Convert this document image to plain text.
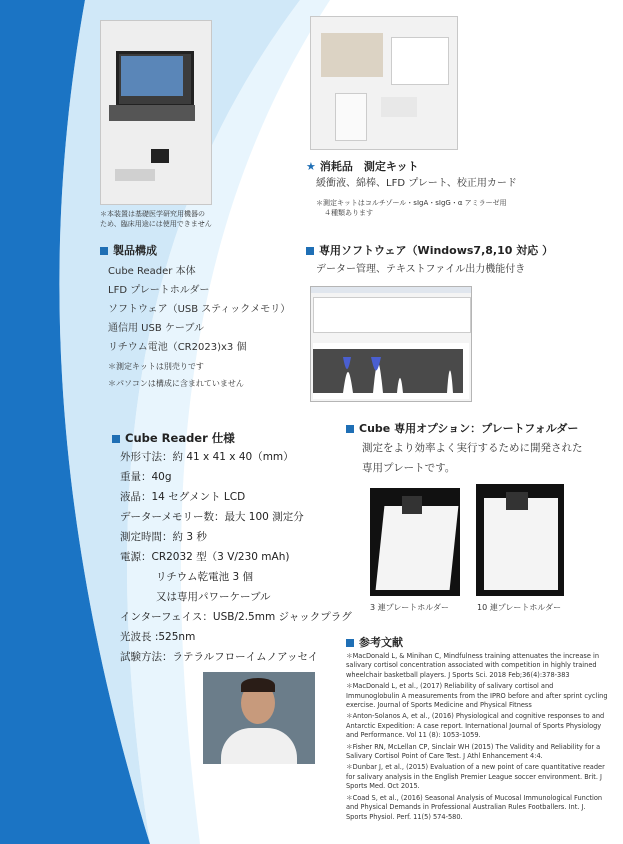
＊本装置は基礎医学研究用機器の
ため、臨床用途には使用できません
★ 消耗品　測定キット
緩衝液、綿棒、LFD プレート、校正用カード
＊測定キットはコルチゾール・sIgA・sIgG・α アミラーゼ用
４種類あります
製品構成
Cube Reader 本体
LFD プレートホルダー
ソフトウェア（USB スティックメモリ）
通信用 USB ケーブル
リチウム電池（CR2023)x3 個
＊測定キットは別売りです
＊パソコンは構成に含まれていません
専用ソフトウェア（Windows7,8,10 対応 ）
データー管理、テキストファイル出力機能付き
Cube Reader 仕様
外形寸法：約 41 x 41 x 40（mm）
重量：40g
液晶：14 セグメント LCD
データーメモリー数：最大 100 測定分
測定時間：約 3 秒
電源：CR2032 型（3 V/230 mAh)
リチウム乾電池 3 個
又は専用パワーケーブル
インターフェイス：USB/2.5mm ジャックプラグ
光波長 :525nm
試験方法：ラテラルフローイムノアッセイ
Cube 専用オプション：プレートフォルダー
測定をより効率よく実行するために開発された
専用プレートです。
3 連プレートホルダー	10 連プレートホルダー
参考文献
＊MacDonald L, & Minihan C, Mindfulness training attenuates the increase in salivary cortisol concentration associated with competition in highly trained wheelchair basketball players. J Sports Sci. 2018 Feb;36(4):378-383
＊MacDonald L, et al., (2017) Reliability of salivary cortisol and Immunoglobulin A measurements from the IPRO before and after sprint cycling exercise. Journal of Sports Medicine and Physical Fitness
＊Anton-Solanos A, et al., (2016) Physiological and cognitive responses to and Antarctic Expedition: A case report. International Journal of Sports Physiology and Performance. Vol 11 (8): 1053-1059.
＊Fisher RN, McLellan CP, Sinclair WH (2015) The Validity and Reliability for a Salivary Cortisol Point of Care Test. J Athl Enhancement 4:4.
＊Dunbar J, et al., (2015) Evaluation of a new point of care quantitative reader for salivary analysis in the English Premier League soccer environment. Brit. J Sports Med. Oct 2015.
＊Coad S, et al., (2016) Seasonal Analysis of Mucosal Immunological Function and Physical Demands in Professional Australian Rules Footballers. Int. J. Sports Physiol. Perf. 11(5) 574-580.
